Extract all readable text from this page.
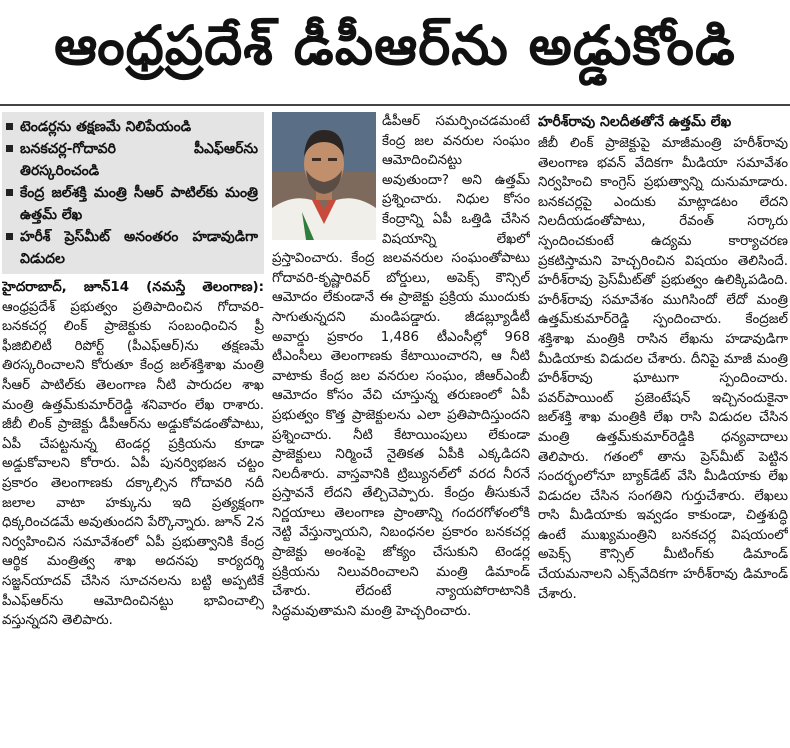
ఆంధ్రప్రదేశ్ డీపీఆర్‌ను అడ్డుకోండి
టెండర్లను తక్షణమే నిలిపేయండి
బనకచర్ల-గోదావరి పీఎఫ్‌ఆర్‌ను తిరస్కరించండి
కేంద్ర జల్‌శక్తి మంత్రి సీఆర్ పాటిల్‌కు మంత్రి ఉత్తమ్ లేఖ
హరీశ్ ప్రెస్‌మీట్ అనంతరం హడావుడిగా విడుదల

హైదరాబాద్, జూన్14 (నమస్తే తెలంగాణ): ఆంధ్రప్రదేశ్ ప్రభుత్వం ప్రతిపాదించిన గోదావరి-బనకచర్ల లింక్ ప్రాజెక్టుకు సంబంధించిన ప్రీ ఫీజిబిలిటీ రిపోర్ట్ (పీఎఫ్‌ఆర్)ను తక్షణమే తిరస్కరించాలని కోరుతూ కేంద్ర జల్‌శక్తిశాఖ మంత్రి సీఆర్ పాటిల్‌కు తెలంగాణ నీటి పారుదల శాఖ మంత్రి ఉత్తమ్‌కుమార్‌రెడ్డి శనివారం లేఖ రాశారు. జీబీ లింక్ ప్రాజెక్టు డీపీఆర్‌ను అడ్డుకోవడంతోపాటు, ఏపీ చేపట్టనున్న టెండర్ల ప్రక్రియను కూడా అడ్డుకోవాలని కోరారు. ఏపీ పునర్విభజన చట్టం ప్రకారం తెలంగాణకు దక్కాల్సిన గోదావరి నదీ జలాల వాటా హక్కును ఇది ప్రత్యక్షంగా ధిక్కరించడమే అవుతుందని పేర్కొన్నారు. జూన్ 2న నిర్వహించిన సమావేశంలో ఏపీ ప్రభుత్వానికి కేంద్ర ఆర్థిక మంత్రిత్వ శాఖ అదనపు కార్యదర్శి సజ్జన్‌యాదవ్ చేసిన సూచనలను బట్టి అప్పటికే పీఎఫ్‌ఆర్‌ను ఆమోదించినట్టు భావించాల్సి వస్తున్నదని తెలిపారు.

డీపీఆర్ సమర్పించడమంటే కేంద్ర జల వనరుల సంఘం ఆమోదించినట్టు అవుతుందా? అని ఉత్తమ్ ప్రశ్నించారు. నిధుల కోసం కేంద్రాన్ని ఏపీ ఒత్తిడి చేసిన విషయాన్ని లేఖలో ప్రస్తావించారు. కేంద్ర జలవనరుల సంఘంతోపాటు గోదావరి-కృష్ణారివర్ బోర్డులు, అపెక్స్ కౌన్సిల్ ఆమోదం లేకుండానే ఈ ప్రాజెక్టు ప్రక్రియ ముందుకు సాగుతున్నదని మండిపడ్డారు. జీడబ్ల్యూడీటీ అవార్డు ప్రకారం 1,486 టీఎంసీల్లో 968 టీఎంసీలు తెలంగాణకు కేటాయించారని, ఆ నీటి వాటాకు కేంద్ర జల వనరుల సంఘం, జీఆర్ఎంబీ ఆమోదం కోసం వేచి చూస్తున్న తరుణంలో ఏపీ ప్రభుత్వం కొత్త ప్రాజెక్టులను ఎలా ప్రతిపాదిస్తుందని ప్రశ్నించారు. నీటి కేటాయింపులు లేకుండా ప్రాజెక్టులు నిర్మించే నైతికత ఏపీకి ఎక్కడిదని నిలదీశారు. వాస్తవానికి ట్రిబ్యునల్‌లో వరద నీరనే ప్రస్తావనే లేదని తేల్చిచెప్పారు. కేంద్రం తీసుకునే నిర్ణయాలు తెలంగాణ ప్రాంతాన్ని గందరగోళంలోకి నెట్టి వేస్తున్నాయని, నిబంధనల ప్రకారం బనకచర్ల ప్రాజెక్టు అంశంపై జోక్యం చేసుకుని టెండర్ల ప్రక్రియను నిలువరించాలని మంత్రి డిమాండ్ చేశారు. లేదంటే న్యాయపోరాటానికి సిద్ధమవుతామని మంత్రి హెచ్చరించారు.

హరీశ్‌రావు నిలదీతతోనే ఉత్తమ్ లేఖ

జీబీ లింక్ ప్రాజెక్టుపై మాజీమంత్రి హరీశ్‌రావు తెలంగాణ భవన్ వేదికగా మీడియా సమావేశం నిర్వహించి కాంగ్రెస్ ప్రభుత్వాన్ని దునుమాడారు. బనకచర్లపై ఎందుకు మాట్లాడటం లేదని నిలదీయడంతోపాటు, రేవంత్ సర్కారు స్పందించకుంటే ఉద్యమ కార్యాచరణ ప్రకటిస్తామని హెచ్చరించిన విషయం తెలిసిందే. హరీశ్‌రావు ప్రెస్‌మీట్‌తో ప్రభుత్వం ఉలిక్కిపడింది. హరీశ్‌రావు సమావేశం ముగిసిందో లేదో మంత్రి ఉత్తమ్‌కుమార్‌రెడ్డి స్పందించారు. కేంద్రజల్ శక్తిశాఖ మంత్రికి రాసిన లేఖను హడావుడిగా మీడియాకు విడుదల చేశారు. దీనిపై మాజీ మంత్రి హరీశ్‌రావు ఘాటుగా స్పందించారు. పవర్‌పాయింట్ ప్రజెంటేషన్ ఇచ్చినందుకైనా జల్‌శక్తి శాఖ మంత్రికి లేఖ రాసి విడుదల చేసిన మంత్రి ఉత్తమ్‌కుమార్‌రెడ్డికి ధన్యవాదాలు తెలిపారు. గతంలో తాను ప్రెస్‌మీట్ పెట్టిన సందర్భంలోనూ బ్యాక్‌డేట్ వేసి మీడియాకు లేఖ విడుదల చేసిన సంగతిని గుర్తుచేశారు. లేఖలు రాసి మీడియాకు ఇవ్వడం కాకుండా, చిత్తశుద్ధి ఉంటే ముఖ్యమంత్రిని బనకచర్ల విషయంలో అపెక్స్ కౌన్సిల్ మీటింగ్‌కు డిమాండ్ చేయమనాలని ఎక్స్‌వేదికగా హరీశ్‌రావు డిమాండ్ చేశారు.
